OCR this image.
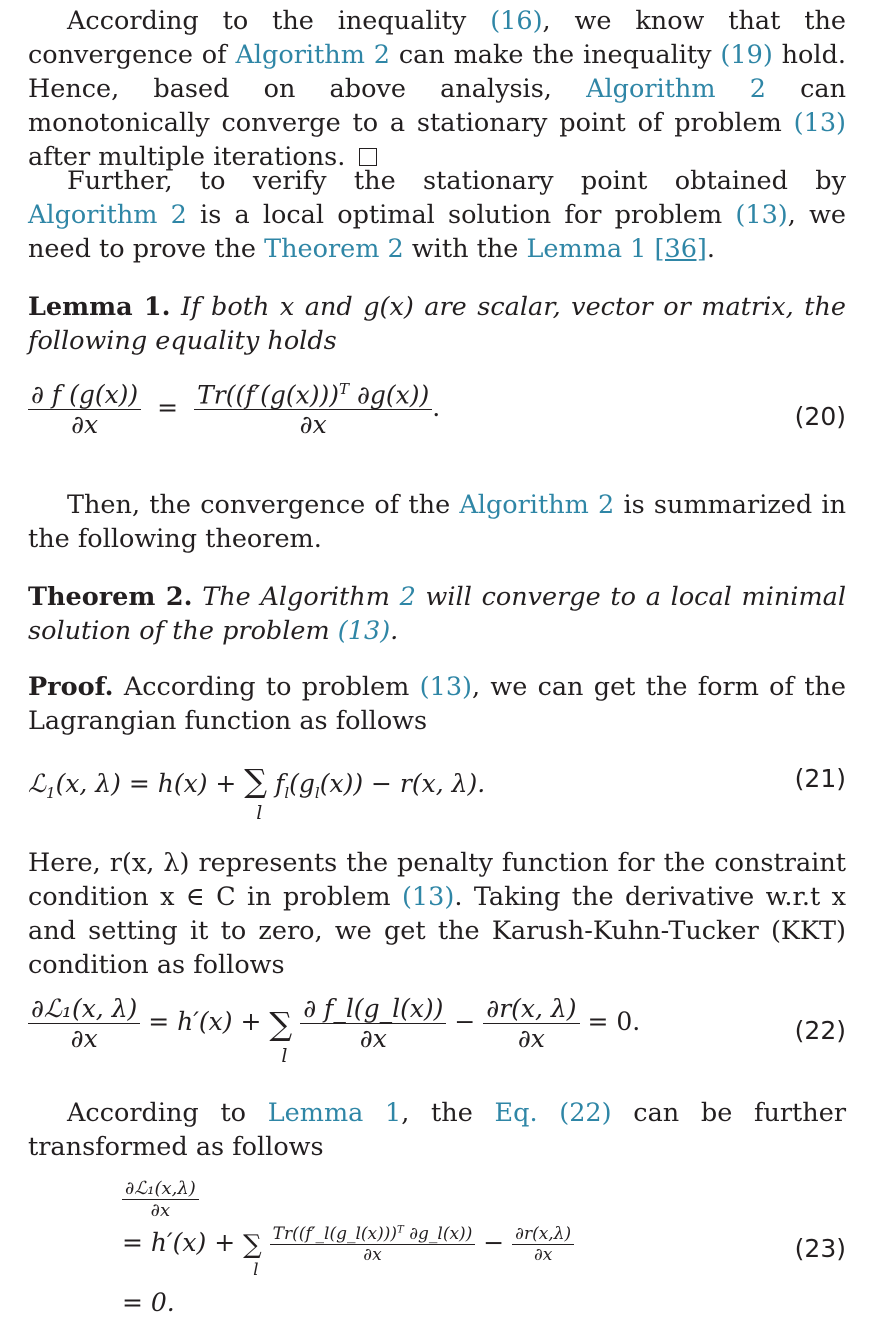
According to the inequality (16), we know that the convergence of Algorithm 2 can make the inequality (19) hold. Hence, based on above analysis, Algorithm 2 can monotonically converge to a stationary point of problem (13) after multiple iterations.
Further, to verify the stationary point obtained by Algorithm 2 is a local optimal solution for problem (13), we need to prove the Theorem 2 with the Lemma 1 [36].
Lemma 1. If both x and g(x) are scalar, vector or matrix, the following equality holds
$\frac{\partial f (g(x))}{\partial x} = \frac{Tr((f'(g(x)))^T \partial g(x))}{\partial x}$ .	(20)
Then, the convergence of the Algorithm 2 is summarized in the following theorem.
Theorem 2. The Algorithm 2 will converge to a local minimal solution of the problem (13).
Proof. According to problem (13), we can get the form of the Lagrangian function as follows
ℒ$_1$(x, λ) = h(x) + ∑
l
$f_l(g_l(x)) - r(x$, λ).	(21)
Here, r(x, λ) represents the penalty function for the constraint condition x ∈ C in problem (13). Taking the derivative w.r.t x and setting it to zero, we get the Karush-Kuhn-Tucker (KKT) condition as follows
$\frac{\text{∂ℒ₁(x, λ)}}{\partial x} = h'(x)$ + ∑
l

$\frac{\partial f\_l(g\_l(x))}{\partial x} - \frac{\partial r(x, \lambda)}{\partial x} = 0$.	(22)
According to Lemma 1, the Eq. (22) can be further transformed as follows
$\frac{\text{∂ℒ₁(x,λ)}}{\partial x}$
= h′(x) + ∑
l

$\frac{Tr((f'\_l(g\_l(x)))^T \partial g\_l(x))}{\partial x} - \frac{\partial r(x,\lambda)}{\partial x}$
= 0.
(23)
